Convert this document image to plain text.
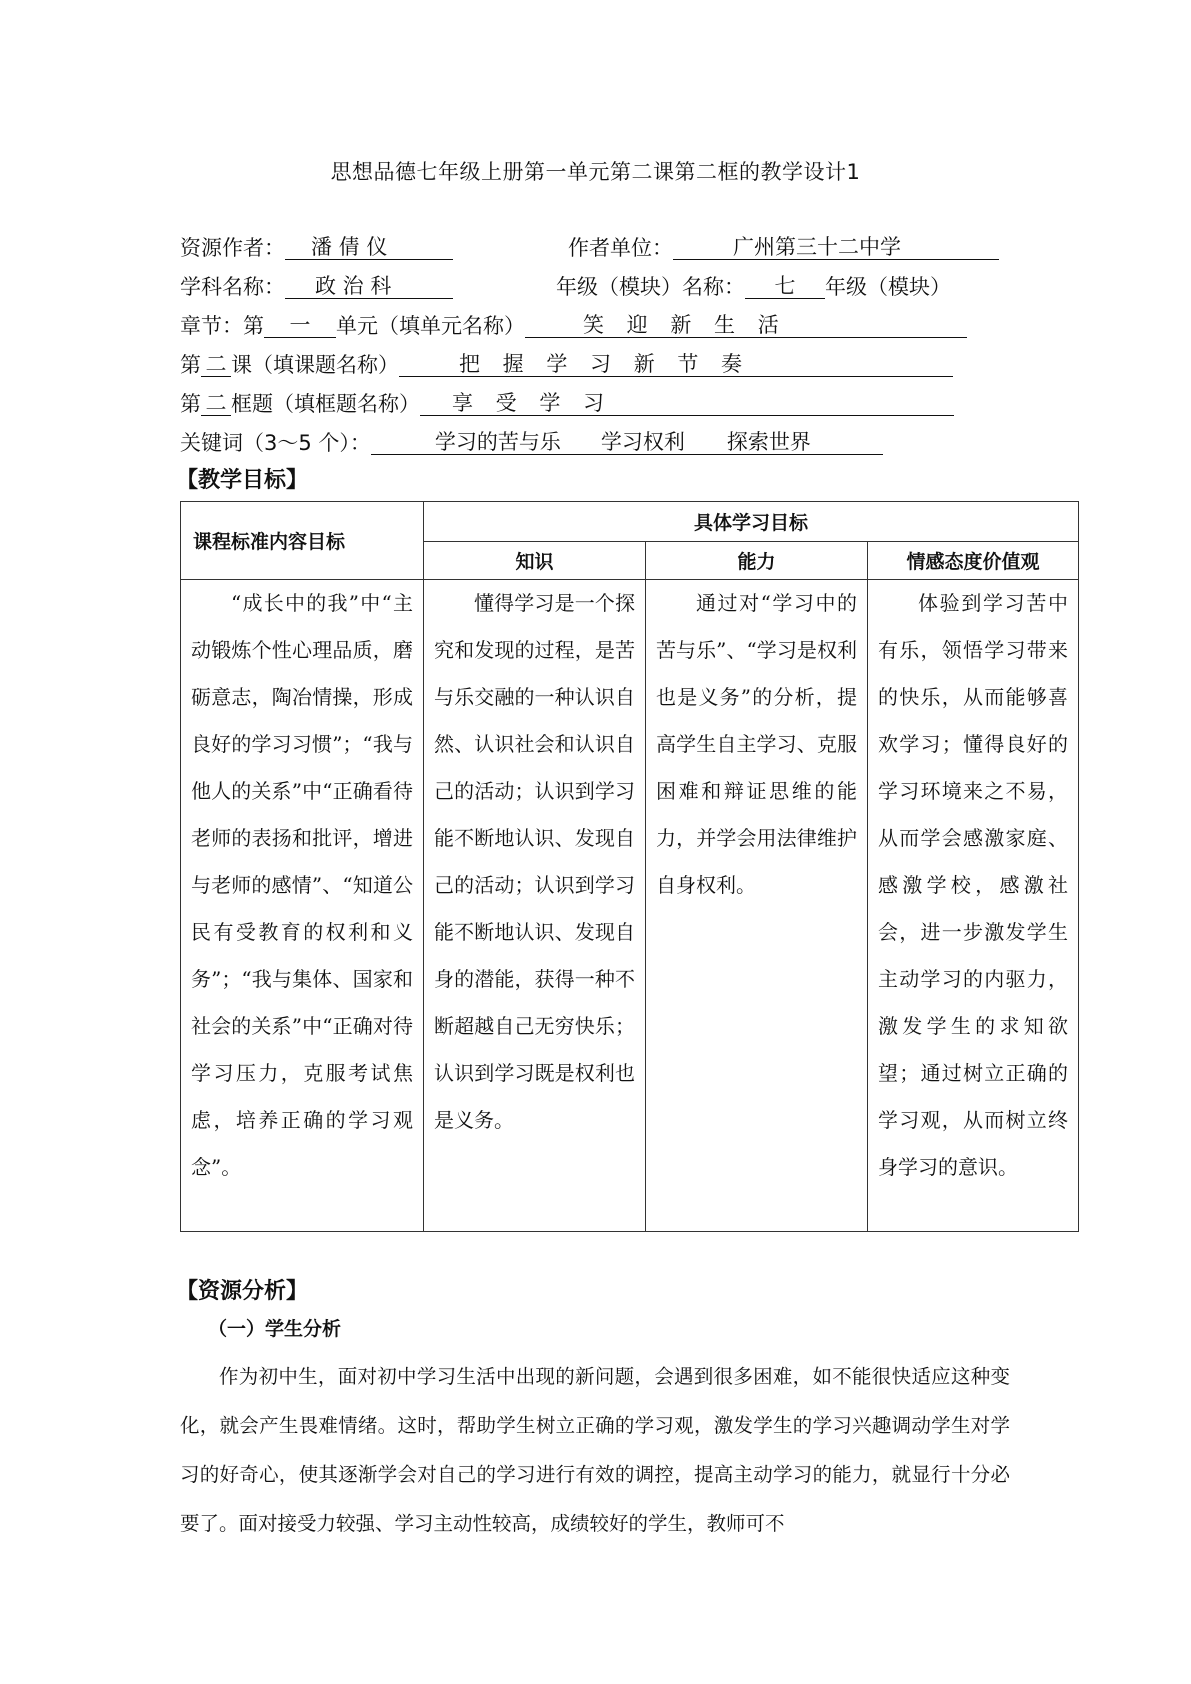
思想品德七年级上册第一单元第二课第二框的教学设计1
资源作者： 潘 倩 仪	作者单位：	广州第三十二中学
学科名称： 政 治 科	年级（模块）名称： 七 年级（模块）
章节：第 一 单元（填单元名称）	笑 迎 新 生 活
第 二 课（填课题名称）	把 握 学 习 新 节 奏
第 二 框题（填框题名称） 享 受 学 习
关键词（3～5 个）：	学习的苦与乐 学习权利 探索世界
【教学目标】
课程标准内容目标	具体学习目标		
	知识	能力	情感态度价值观
“成长中的我”中“主动锻炼个性心理品质，磨砺意志，陶冶情操，形成良好的学习习惯”；“我与他人的关系”中“正确看待老师的表扬和批评，增进与老师的感情”、“知道公民有受教育的权利和义务”；“我与集体、国家和社会的关系”中“正确对待学习压力，克服考试焦虑，培养正确的学习观念”。	懂得学习是一个探究和发现的过程，是苦与乐交融的一种认识自然、认识社会和认识自己的活动；认识到学习能不断地认识、发现自己的活动；认识到学习能不断地认识、发现自身的潜能，获得一种不断超越自己无穷快乐；认识到学习既是权利也是义务。	通过对“学习中的苦与乐”、“学习是权利也是义务”的分析，提高学生自主学习、克服困难和辩证思维的能力，并学会用法律维护自身权利。	体验到学习苦中有乐，领悟学习带来的快乐，从而能够喜欢学习；懂得良好的学习环境来之不易，从而学会感激家庭、感激学校，感激社会，进一步激发学生主动学习的内驱力，激发学生的求知欲望；通过树立正确的学习观，从而树立终身学习的意识。
【资源分析】
（一）学生分析

作为初中生，面对初中学习生活中出现的新问题，会遇到很多困难，如不能很快适应这种变化，就会产生畏难情绪。这时，帮助学生树立正确的学习观，激发学生的学习兴趣调动学生对学习的好奇心，使其逐渐学会对自己的学习进行有效的调控，提高主动学习的能力，就显行十分必要了。面对接受力较强、学习主动性较高，成绩较好的学生，教师可不
